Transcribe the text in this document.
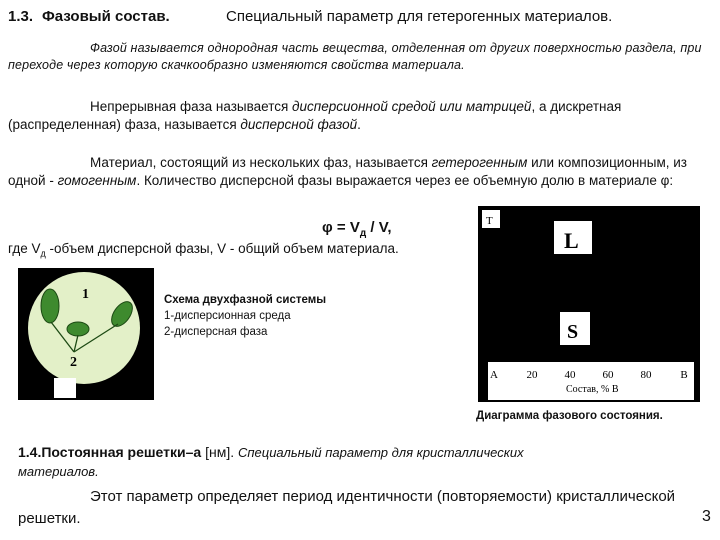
1.3. Фазовый состав.	Специальный параметр для гетерогенных материалов.
Фазой называется однородная часть вещества, отделенная от других поверхностью раздела, при переходе через которую скачкообразно изменяются свойства материала.
Непрерывная фаза называется дисперсионной средой или матрицей, а дискретная (распределенная) фаза, называется дисперсной фазой.
Материал, состоящий из нескольких фаз, называется гетерогенным или композиционным, из одной - гомогенным. Количество дисперсной фазы выражается через ее объемную долю в материале φ:
$\varphi = V_д / V$,
где $V_д$ -объем дисперсной фазы, V - общий объем материала.
1
2
Схема двухфазной системы
1-дисперсионная среда
2-дисперсная фаза
T
L
S
A	20 40 60 80	B
Состав, % B
Диаграмма фазового состояния.
1.4.Постоянная решетки–а [нм]. Специальный параметр для кристаллических
материалов.
Этот параметр определяет период идентичности (повторяемости) кристаллической решетки.	3
